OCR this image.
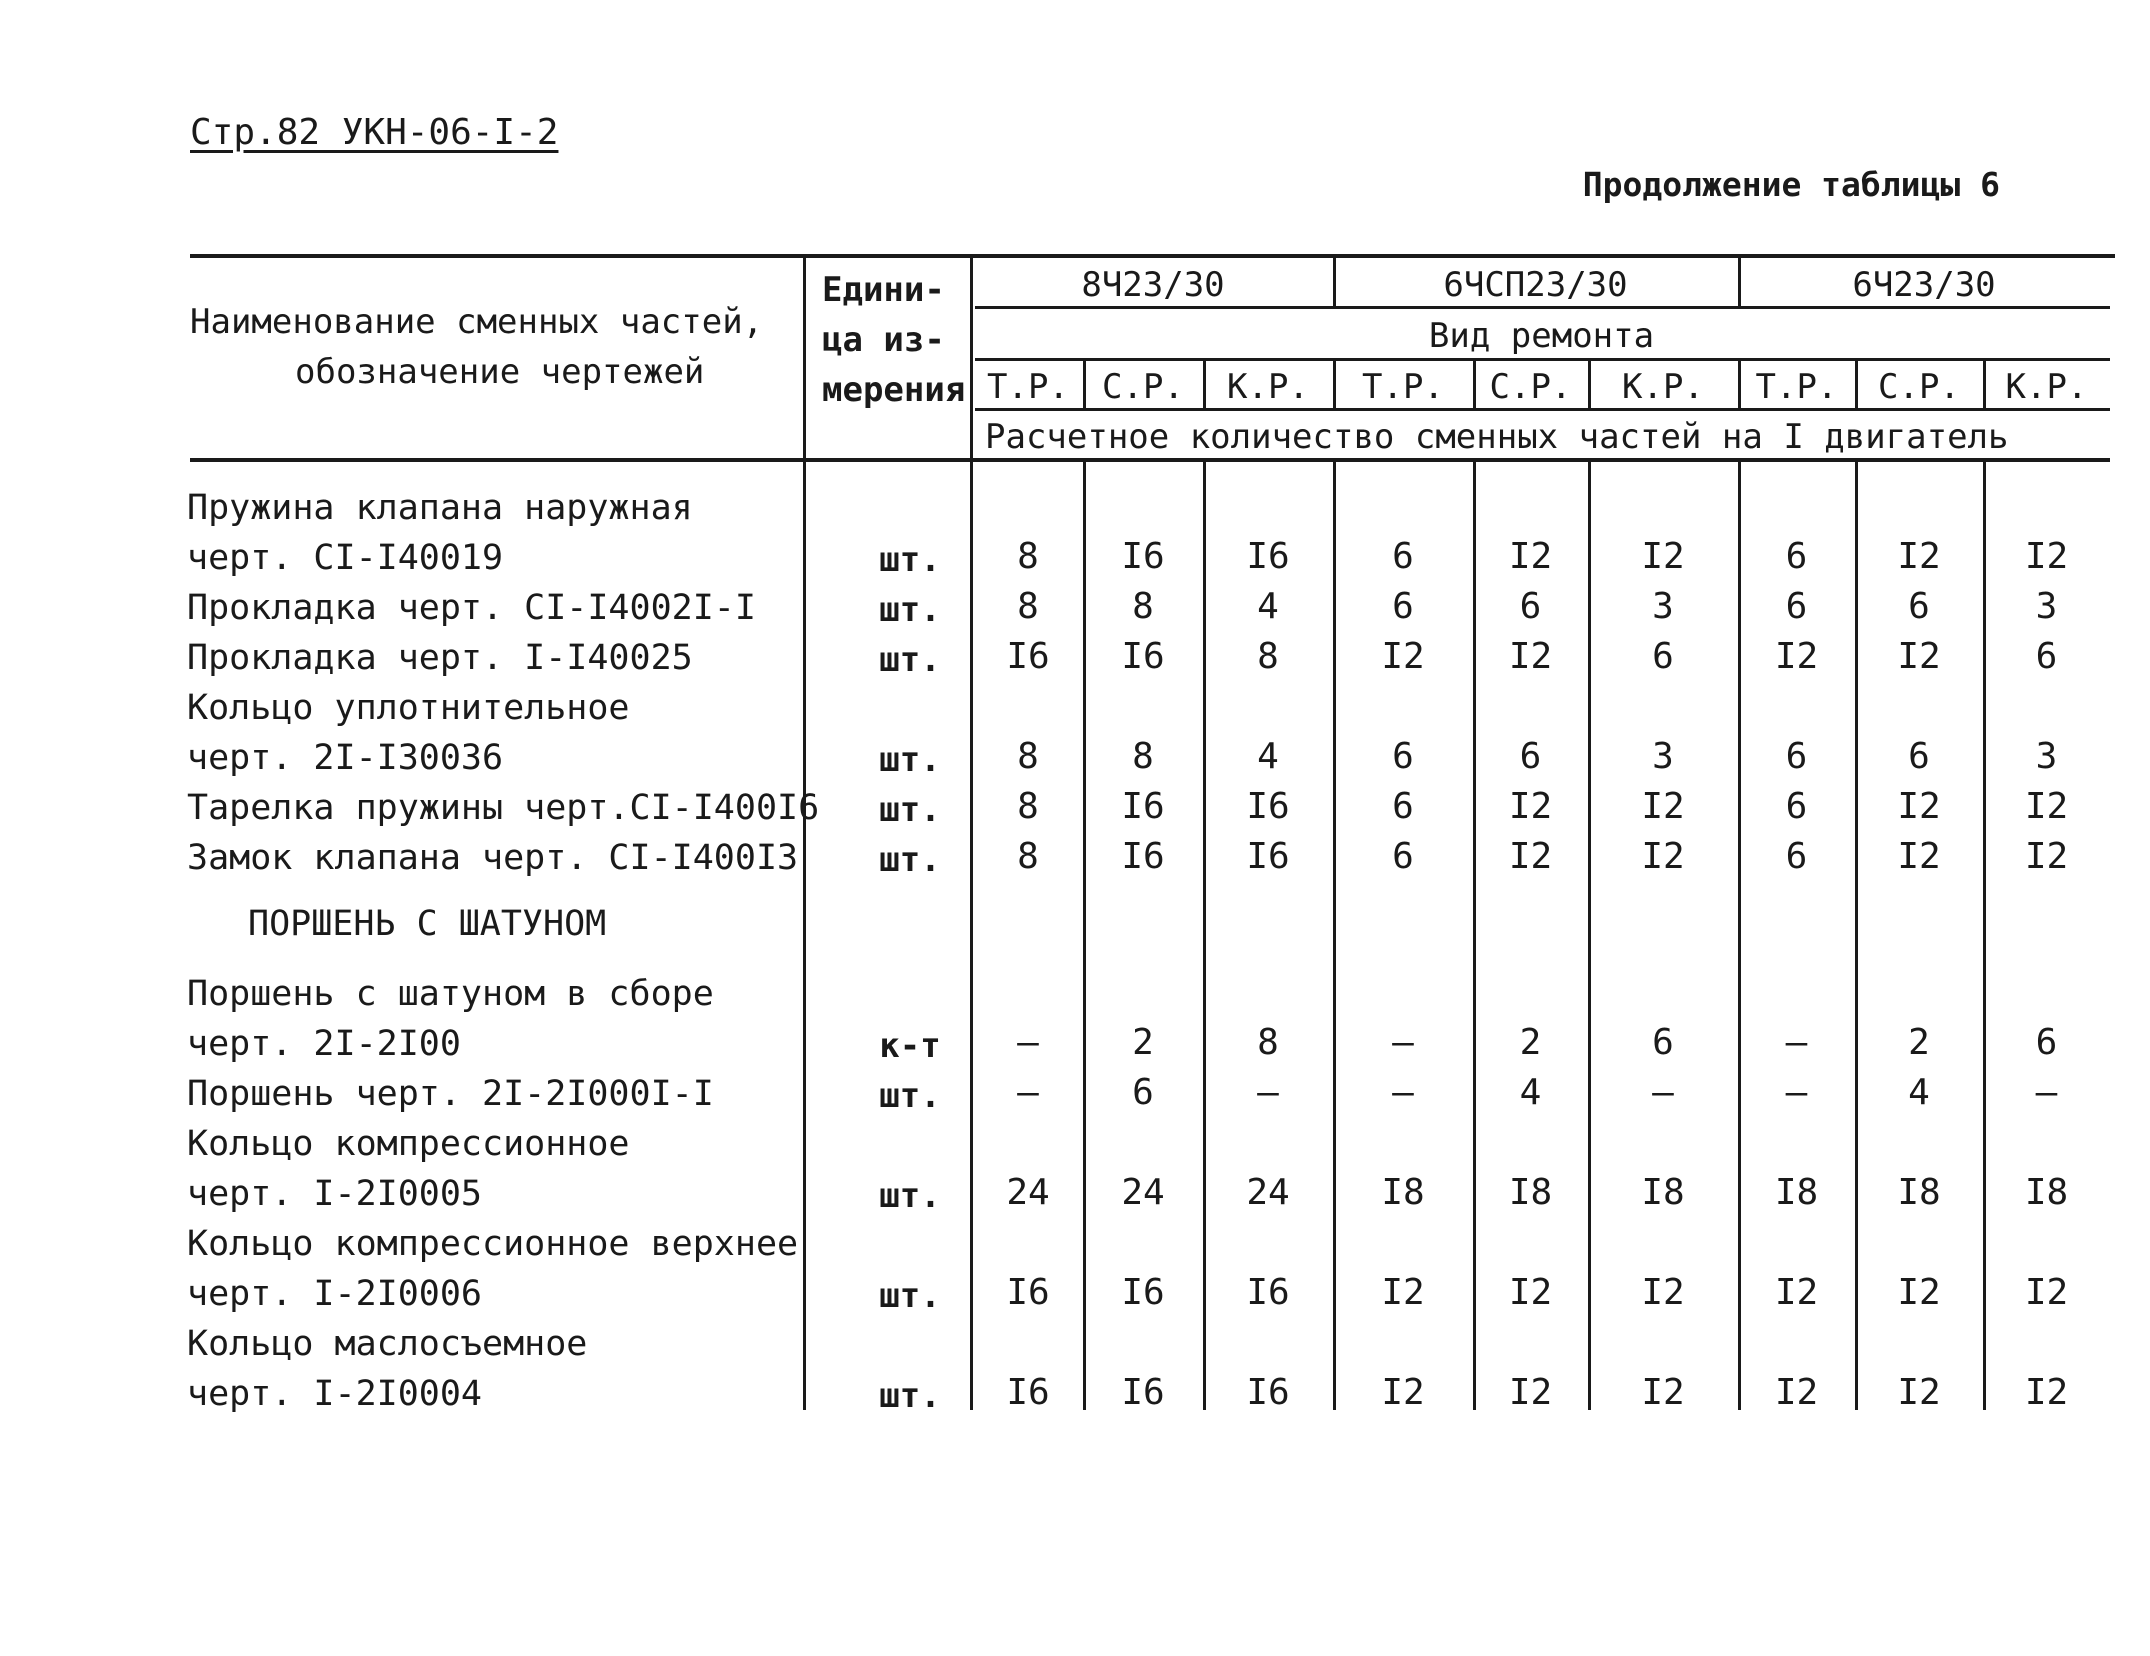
Стр.82 УКН-06-I-2
Продолжение таблицы 6
Наименование сменных частей,
обозначение чертежей
Едини-
ца из-
мерения
8Ч23/30	6ЧСП23/30	6Ч23/30
Вид ремонта
Т.Р. С.Р.	К.Р.	Т.Р.	С.Р.	К.Р.	Т.Р.	С.Р.	К.Р.
Расчетное количество сменных частей на I двигатель
Пружина клапана наружная
черт. CI-I40019	шт.	8	I6	I6	6	I2	I2	6	I2	I2
Прокладка черт. CI-I4002I-I	шт.	8	8	4	6	6	3	6	6	3
Прокладка черт. I-I40025	шт.	I6	I6	8	I2	I2	6	I2	I2	6
Кольцо уплотнительное
черт. 2I-I30036	шт.	8	8	4	6	6	3	6	6	3
Тарелка пружины черт.CI-I400I6	шт.	8	I6	I6	6	I2	I2	6	I2	I2
Замок клапана черт. CI-I400I3	шт.	8	I6	I6	6	I2	I2	6	I2	I2
ПОРШЕНЬ С ШАТУНОМ
Поршень с шатуном в сборе
черт. 2I-2I00	к-т	–	2	8	–	2	6	–	2	6
Поршень черт. 2I-2I000I-I	шт.	–	6	–	–	4	–	–	4	–
Кольцо компрессионное
черт. I-2I0005	шт.	24	24	24	I8	I8	I8	I8	I8	I8
Кольцо компрессионное верхнее
черт. I-2I0006	шт.	I6	I6	I6	I2	I2	I2	I2	I2	I2
Кольцо маслосъемное
черт. I-2I0004	шт.	I6	I6	I6	I2	I2	I2	I2	I2	I2
